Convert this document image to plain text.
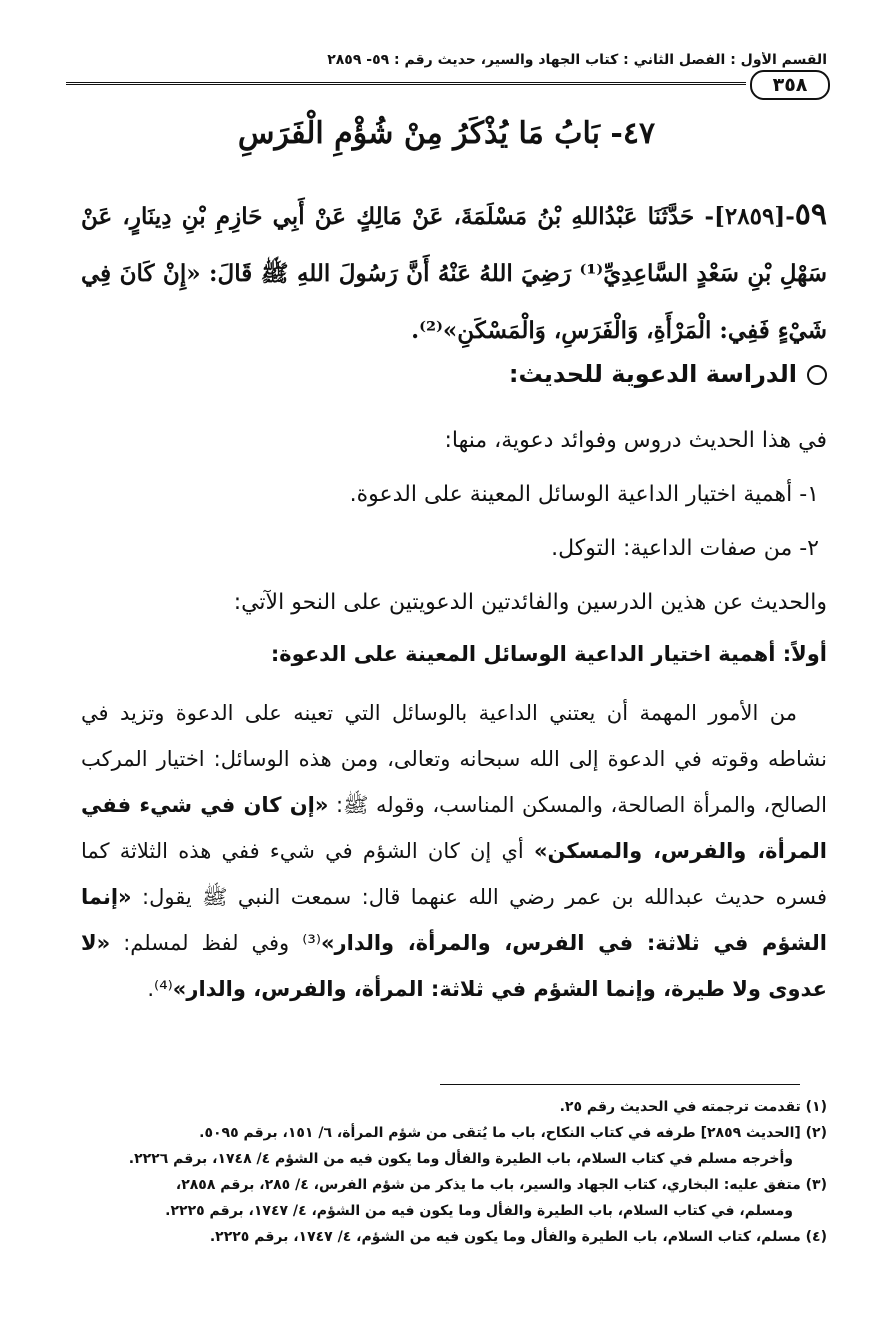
القسم الأول : الفصل الثاني : كتاب الجهاد والسير، حديث رقم : ٥٩- ٢٨٥٩
٣٥٨
٤٧- بَابُ مَا يُذْكَرُ مِنْ شُؤْمِ الْفَرَسِ
٥٩-[٢٨٥٩]- حَدَّثَنَا عَبْدُاللهِ بْنُ مَسْلَمَةَ، عَنْ مَالِكٍ عَنْ أَبِي حَازِمِ بْنِ دِينَارٍ، عَنْ سَهْلِ بْنِ سَعْدٍ السَّاعِدِيِّ⁽¹⁾ رَضِيَ اللهُ عَنْهُ أَنَّ رَسُولَ اللهِ ﷺ قَالَ: «إِنْ كَانَ فِي شَيْءٍ فَفِي: الْمَرْأَةِ، وَالْفَرَسِ، وَالْمَسْكَنِ»⁽²⁾.
الدراسة الدعوية للحديث:

في هذا الحديث دروس وفوائد دعوية، منها:

١- أهمية اختيار الداعية الوسائل المعينة على الدعوة.

٢- من صفات الداعية: التوكل.

والحديث عن هذين الدرسين والفائدتين الدعويتين على النحو الآتي:

أولاً: أهمية اختيار الداعية الوسائل المعينة على الدعوة:
من الأمور المهمة أن يعتني الداعية بالوسائل التي تعينه على الدعوة وتزيد في نشاطه وقوته في الدعوة إلى الله سبحانه وتعالى، ومن هذه الوسائل: اختيار المركب الصالح، والمرأة الصالحة، والمسكن المناسب، وقوله ﷺ: «إن كان في شيء ففي المرأة، والفرس، والمسكن» أي إن كان الشؤم في شيء ففي هذه الثلاثة كما فسره حديث عبدالله بن عمر رضي الله عنهما قال: سمعت النبي ﷺ يقول: «إنما الشؤم في ثلاثة: في الفرس، والمرأة، والدار»⁽³⁾ وفي لفظ لمسلم: «لا عدوى ولا طيرة، وإنما الشؤم في ثلاثة: المرأة، والفرس، والدار»⁽⁴⁾.

(١) تقدمت ترجمته في الحديث رقم ٢٥.

(٢) [الحديث ٢٨٥٩] طرفه في كتاب النكاح، باب ما يُتقى من شؤم المرأة، ٦/ ١٥١، برقم ٥٠٩٥.

وأخرجه مسلم في كتاب السلام، باب الطيرة والفأل وما يكون فيه من الشؤم ٤/ ١٧٤٨، برقم ٢٢٢٦.

(٣) متفق عليه: البخاري، كتاب الجهاد والسير، باب ما يذكر من شؤم الفرس، ٤/ ٢٨٥، برقم ٢٨٥٨،

ومسلم، في كتاب السلام، باب الطيرة والفأل وما يكون فيه من الشؤم، ٤/ ١٧٤٧، برقم ٢٢٢٥.

(٤) مسلم، كتاب السلام، باب الطيرة والفأل وما يكون فيه من الشؤم، ٤/ ١٧٤٧، برقم ٢٢٢٥.
